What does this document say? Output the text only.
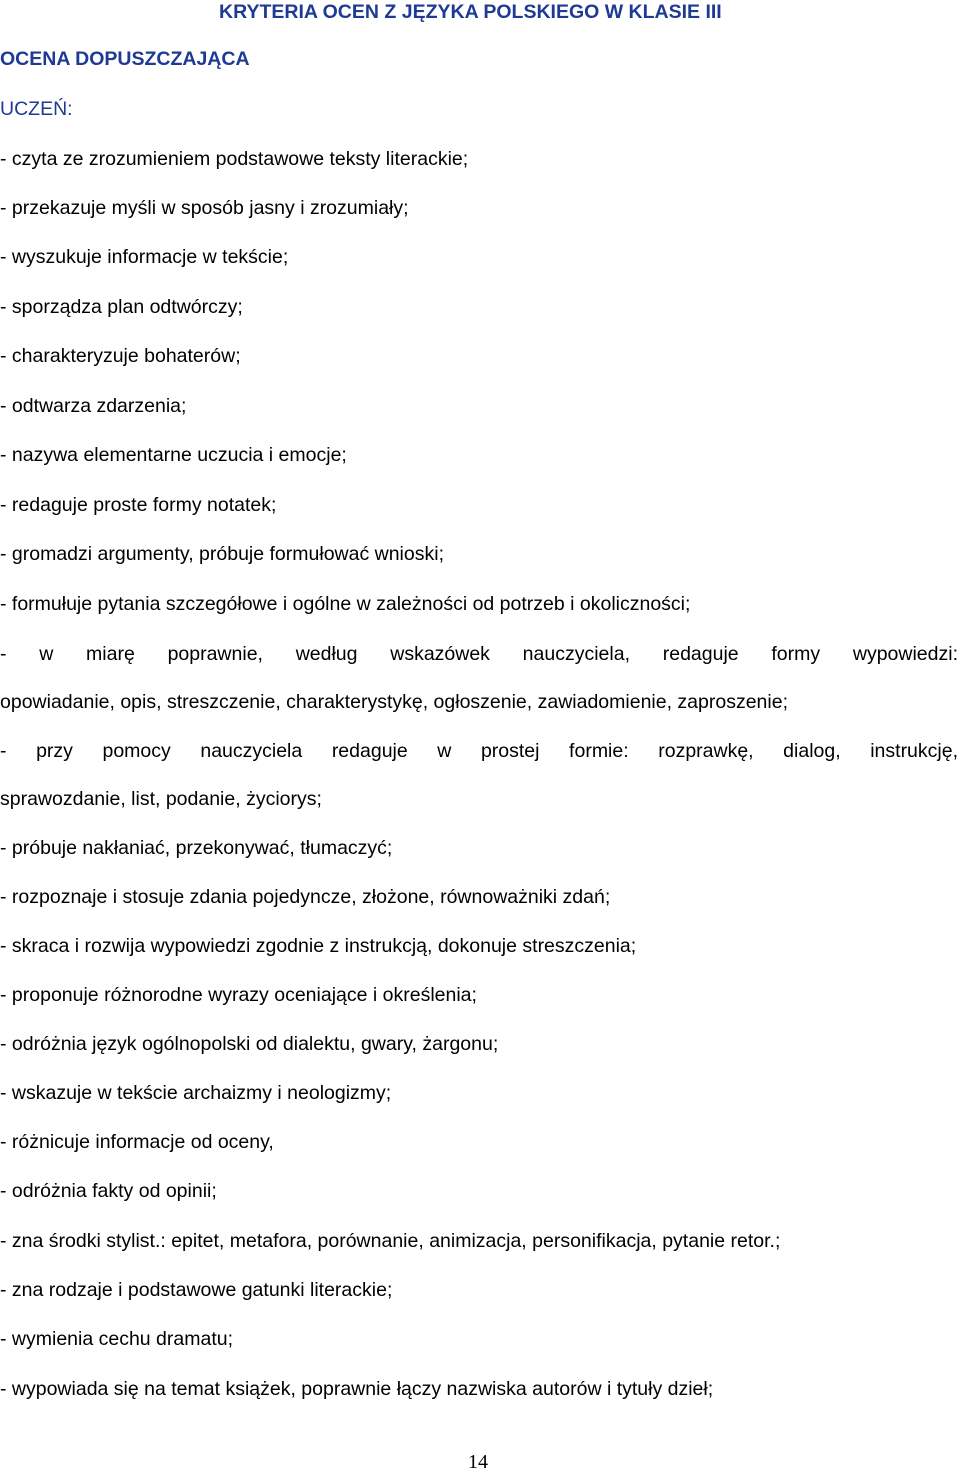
KRYTERIA OCEN Z JĘZYKA POLSKIEGO W KLASIE III
OCENA DOPUSZCZAJĄCA
UCZEŃ:
- czyta ze zrozumieniem podstawowe teksty literackie;
- przekazuje myśli w sposób jasny i zrozumiały;
- wyszukuje informacje w tekście;
- sporządza plan odtwórczy;
- charakteryzuje bohaterów;
- odtwarza zdarzenia;
- nazywa elementarne uczucia i emocje;
- redaguje proste formy notatek;
- gromadzi argumenty, próbuje formułować wnioski;
- formułuje pytania szczegółowe i ogólne w zależności od potrzeb i okoliczności;
- w miarę poprawnie, według wskazówek nauczyciela, redaguje formy wypowiedzi:
opowiadanie, opis, streszczenie, charakterystykę, ogłoszenie, zawiadomienie, zaproszenie;
- przy pomocy nauczyciela redaguje w prostej formie: rozprawkę, dialog, instrukcję,
sprawozdanie, list, podanie, życiorys;
- próbuje nakłaniać, przekonywać, tłumaczyć;
- rozpoznaje i stosuje zdania pojedyncze, złożone, równoważniki zdań;
- skraca i rozwija wypowiedzi zgodnie z instrukcją, dokonuje streszczenia;
- proponuje różnorodne wyrazy oceniające i określenia;
- odróżnia język ogólnopolski od dialektu, gwary, żargonu;
- wskazuje w tekście archaizmy i neologizmy;
- różnicuje informacje od oceny,
- odróżnia fakty od opinii;
- zna środki stylist.: epitet, metafora, porównanie, animizacja, personifikacja, pytanie retor.;
- zna rodzaje i podstawowe gatunki literackie;
- wymienia cechu dramatu;
- wypowiada się na temat książek, poprawnie łączy nazwiska autorów i tytuły dzieł;
14
